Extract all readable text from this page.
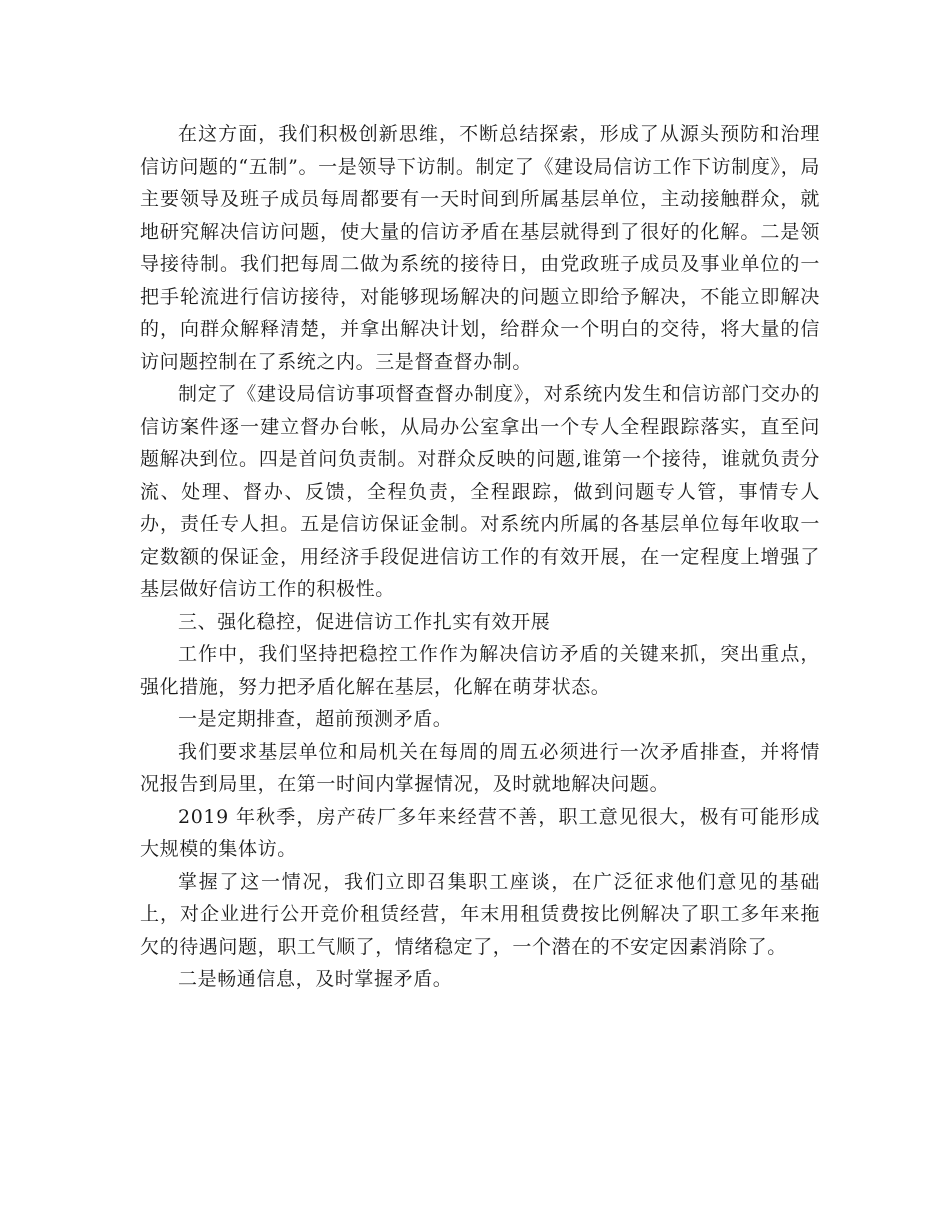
在这方面，我们积极创新思维，不断总结探索，形成了从源头预防和治理信访问题的“五制”。一是领导下访制。制定了《建设局信访工作下访制度》，局主要领导及班子成员每周都要有一天时间到所属基层单位，主动接触群众，就地研究解决信访问题，使大量的信访矛盾在基层就得到了很好的化解。二是领导接待制。我们把每周二做为系统的接待日，由党政班子成员及事业单位的一把手轮流进行信访接待，对能够现场解决的问题立即给予解决，不能立即解决的，向群众解释清楚，并拿出解决计划，给群众一个明白的交待，将大量的信访问题控制在了系统之内。三是督查督办制。

制定了《建设局信访事项督查督办制度》，对系统内发生和信访部门交办的信访案件逐一建立督办台帐，从局办公室拿出一个专人全程跟踪落实，直至问题解决到位。四是首问负责制。对群众反映的问题,谁第一个接待，谁就负责分流、处理、督办、反馈，全程负责，全程跟踪，做到问题专人管，事情专人办，责任专人担。五是信访保证金制。对系统内所属的各基层单位每年收取一定数额的保证金，用经济手段促进信访工作的有效开展，在一定程度上增强了基层做好信访工作的积极性。

三、强化稳控，促进信访工作扎实有效开展

工作中，我们坚持把稳控工作作为解决信访矛盾的关键来抓，突出重点，强化措施，努力把矛盾化解在基层，化解在萌芽状态。

一是定期排查，超前预测矛盾。

我们要求基层单位和局机关在每周的周五必须进行一次矛盾排查，并将情况报告到局里，在第一时间内掌握情况，及时就地解决问题。

2019 年秋季，房产砖厂多年来经营不善，职工意见很大，极有可能形成大规模的集体访。

掌握了这一情况，我们立即召集职工座谈，在广泛征求他们意见的基础上，对企业进行公开竞价租赁经营，年末用租赁费按比例解决了职工多年来拖欠的待遇问题，职工气顺了，情绪稳定了，一个潜在的不安定因素消除了。

二是畅通信息，及时掌握矛盾。
